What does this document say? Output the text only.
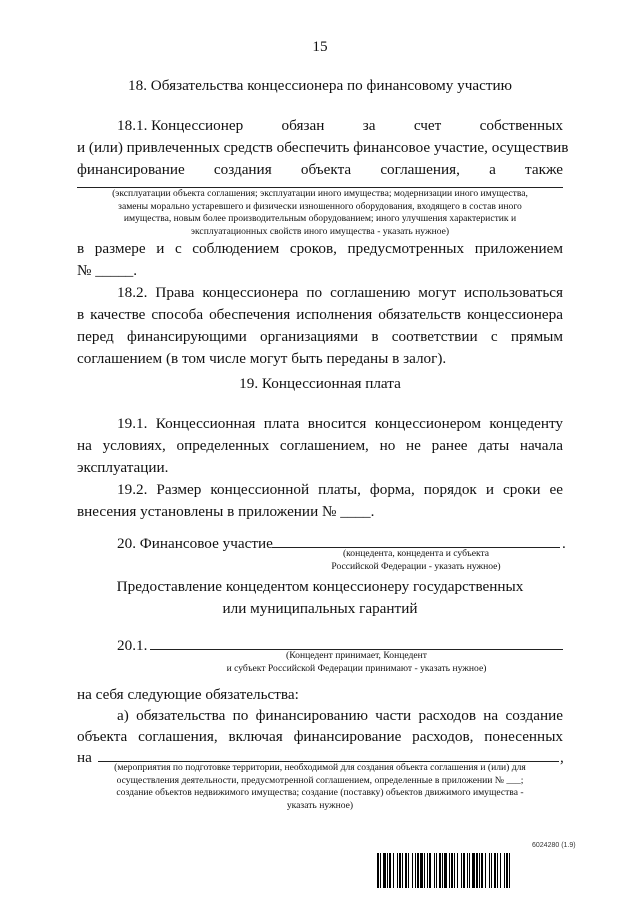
15
18. Обязательства концессионера по финансовому участию
18.1. Концессионер	обязан	за	счет	собственных
и (или) привлеченных средств обеспечить финансовое участие, осуществив
финансирование создания объекта соглашения, а также
(эксплуатации объекта соглашения; эксплуатации иного имущества; модернизации иного имущества,
замены морально устаревшего и физически изношенного оборудования, входящего в состав иного
имущества, новым более производительным оборудованием; иного улучшения характеристик и
эксплуатационных свойств иного имущества - указать нужное)
в размере и с соблюдением сроков, предусмотренных приложением
№ _____.
18.2. Права концессионера по соглашению могут использоваться
в качестве способа обеспечения исполнения обязательств концессионера
перед финансирующими организациями в соответствии с прямым
соглашением (в том числе могут быть переданы в залог).
19. Концессионная плата
19.1. Концессионная плата вносится концессионером концеденту
на условиях, определенных соглашением, но не ранее даты начала
эксплуатации.
19.2. Размер концессионной платы, форма, порядок и сроки ее
внесения установлены в приложении № ____.
20. Финансовое участие	.
(концедента, концедента и субъекта
Российской Федерации - указать нужное)
Предоставление концедентом концессионеру государственных
или муниципальных гарантий
20.1.
(Концедент принимает, Концедент
и субъект Российской Федерации принимают - указать нужное)
на себя следующие обязательства:
а) обязательства по финансированию части расходов на создание
объекта соглашения, включая финансирование расходов, понесенных
на	,
(мероприятия по подготовке территории, необходимой для создания объекта соглашения и (или) для
осуществления деятельности, предусмотренной соглашением, определенные в приложении № ___;
создание объектов недвижимого имущества; создание (поставку) объектов движимого имущества -
указать нужное)
6024280 (1.9)
